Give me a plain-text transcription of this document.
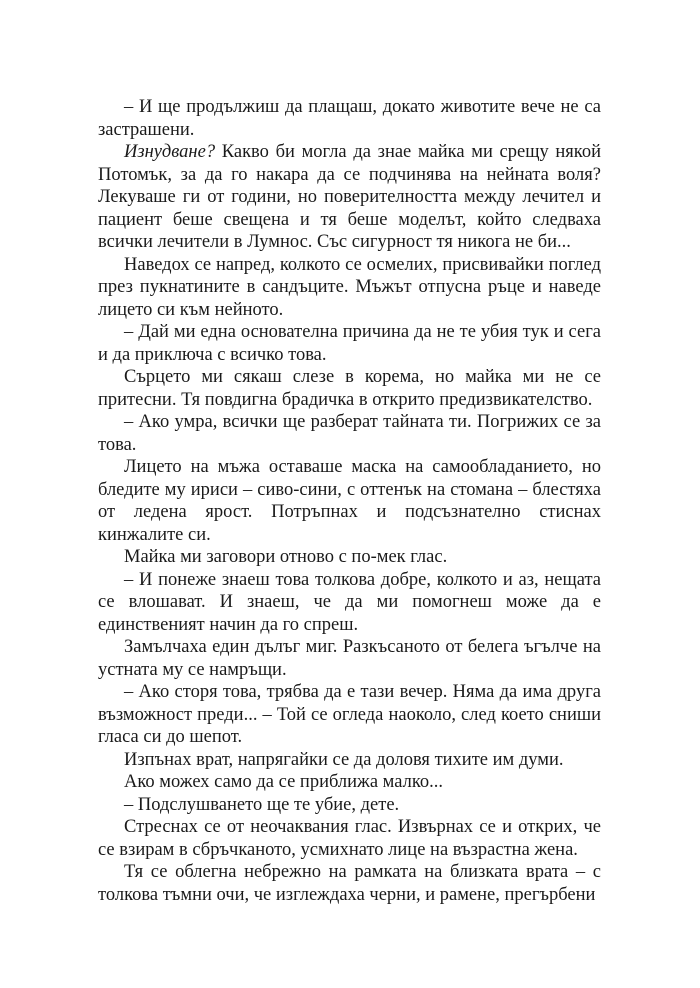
– И ще продължиш да плащаш, докато животите вече не са застрашени.

Изнудване? Какво би могла да знае майка ми срещу някой Потомък, за да го накара да се подчинява на нейната воля? Лекуваше ги от години, но поверителността между лечител и пациент беше свещена и тя беше моделът, който следваха всички лечители в Лумнос. Със сигурност тя никога не би...

Наведох се напред, колкото се осмелих, присвивайки поглед през пукнатините в сандъците. Мъжът отпусна ръце и наведе лицето си към нейното.

– Дай ми една основателна причина да не те убия тук и сега и да приключа с всичко това.

Сърцето ми сякаш слезе в корема, но майка ми не се притесни. Тя повдигна брадичка в открито предизвикателство.

– Ако умра, всички ще разберат тайната ти. Погрижих се за това.

Лицето на мъжа оставаше маска на самообладанието, но бледите му ириси – сиво-сини, с оттенък на стомана – блестяха от ледена ярост. Потръпнах и подсъзнателно стиснах кинжалите си.

Майка ми заговори отново с по-мек глас.

– И понеже знаеш това толкова добре, колкото и аз, нещата се влошават. И знаеш, че да ми помогнеш може да е единственият начин да го спреш.

Замълчаха един дълъг миг. Разкъсаното от белега ъгълче на устната му се намръщи.

– Ако сторя това, трябва да е тази вечер. Няма да има друга възможност преди... – Той се огледа наоколо, след което сниши гласа си до шепот.

Изпънах врат, напрягайки се да доловя тихите им думи.

Ако можех само да се приближа малко...

– Подслушването ще те убие, дете.

Стреснах се от неочаквания глас. Извърнах се и открих, че се взирам в сбръчканото, усмихнато лице на възрастна жена.

Тя се облегна небрежно на рамката на близката врата – с толкова тъмни очи, че изглеждаха черни, и рамене, прегърбени
